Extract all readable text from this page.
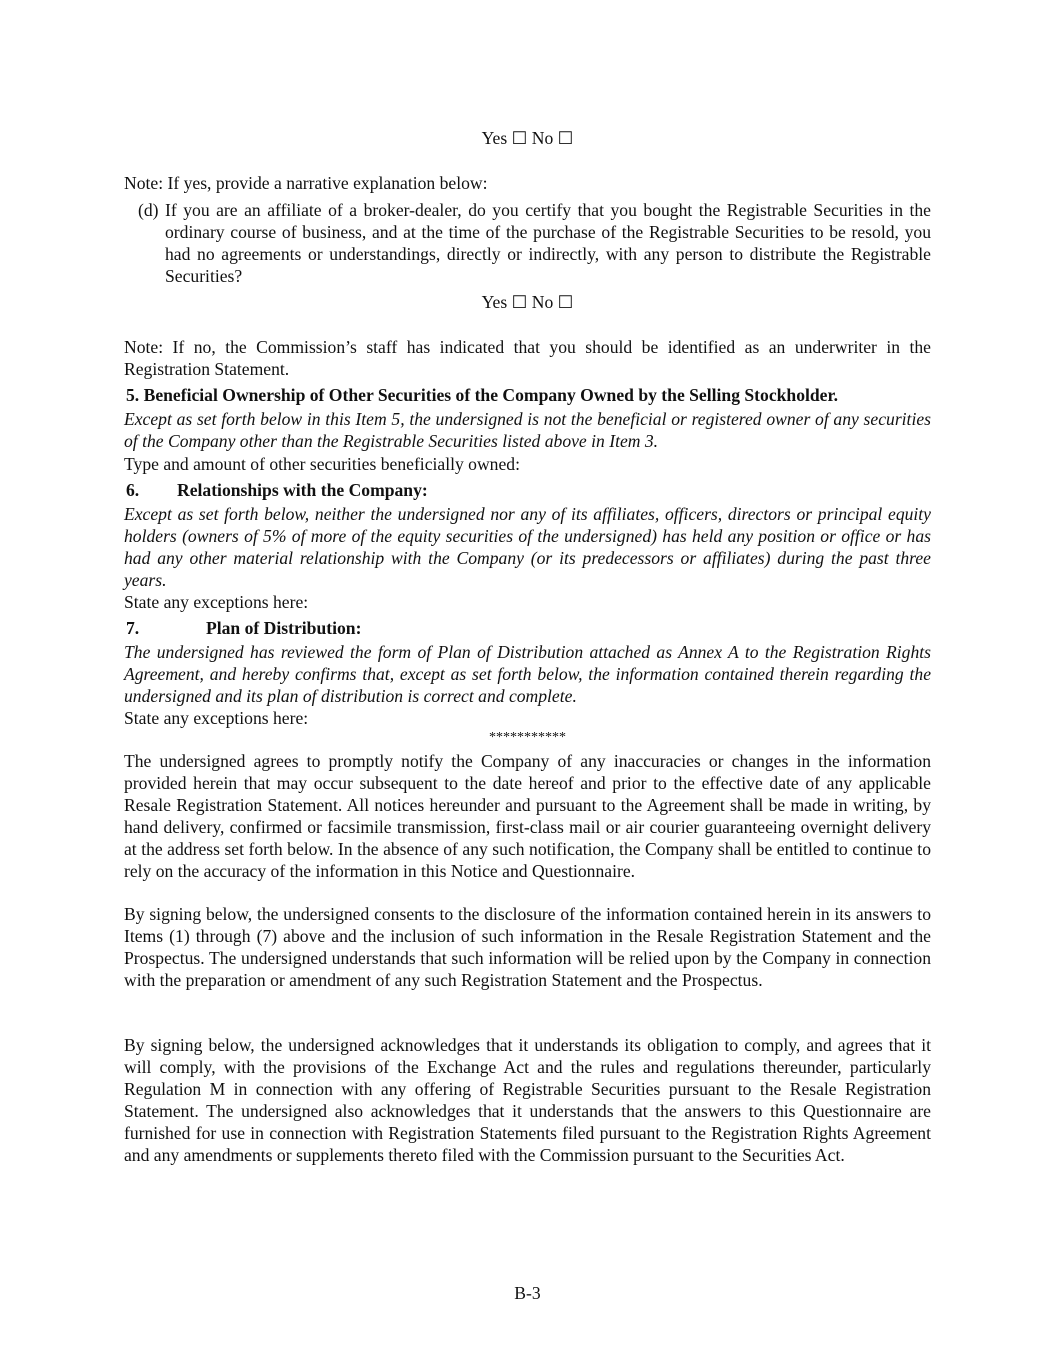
Yes ☐ No ☐
Note: If yes, provide a narrative explanation below:
(d) If you are an affiliate of a broker-dealer, do you certify that you bought the Registrable Securities in the ordinary course of business, and at the time of the purchase of the Registrable Securities to be resold, you had no agreements or understandings, directly or indirectly, with any person to distribute the Registrable Securities?
Yes ☐ No ☐
Note: If no, the Commission’s staff has indicated that you should be identified as an underwriter in the Registration Statement.
5. Beneficial Ownership of Other Securities of the Company Owned by the Selling Stockholder.
Except as set forth below in this Item 5, the undersigned is not the beneficial or registered owner of any securities of the Company other than the Registrable Securities listed above in Item 3.
Type and amount of other securities beneficially owned:
6. Relationships with the Company:
Except as set forth below, neither the undersigned nor any of its affiliates, officers, directors or principal equity holders (owners of 5% of more of the equity securities of the undersigned) has held any position or office or has had any other material relationship with the Company (or its predecessors or affiliates) during the past three years.
State any exceptions here:
7.	Plan of Distribution:
The undersigned has reviewed the form of Plan of Distribution attached as Annex A to the Registration Rights Agreement, and hereby confirms that, except as set forth below, the information contained therein regarding the undersigned and its plan of distribution is correct and complete.
State any exceptions here:
***********
The undersigned agrees to promptly notify the Company of any inaccuracies or changes in the information provided herein that may occur subsequent to the date hereof and prior to the effective date of any applicable Resale Registration Statement. All notices hereunder and pursuant to the Agreement shall be made in writing, by hand delivery, confirmed or facsimile transmission, first-class mail or air courier guaranteeing overnight delivery at the address set forth below. In the absence of any such notification, the Company shall be entitled to continue to rely on the accuracy of the information in this Notice and Questionnaire.
By signing below, the undersigned consents to the disclosure of the information contained herein in its answers to Items (1) through (7) above and the inclusion of such information in the Resale Registration Statement and the Prospectus. The undersigned understands that such information will be relied upon by the Company in connection with the preparation or amendment of any such Registration Statement and the Prospectus.
By signing below, the undersigned acknowledges that it understands its obligation to comply, and agrees that it will comply, with the provisions of the Exchange Act and the rules and regulations thereunder, particularly Regulation M in connection with any offering of Registrable Securities pursuant to the Resale Registration Statement. The undersigned also acknowledges that it understands that the answers to this Questionnaire are furnished for use in connection with Registration Statements filed pursuant to the Registration Rights Agreement and any amendments or supplements thereto filed with the Commission pursuant to the Securities Act.
B-3
